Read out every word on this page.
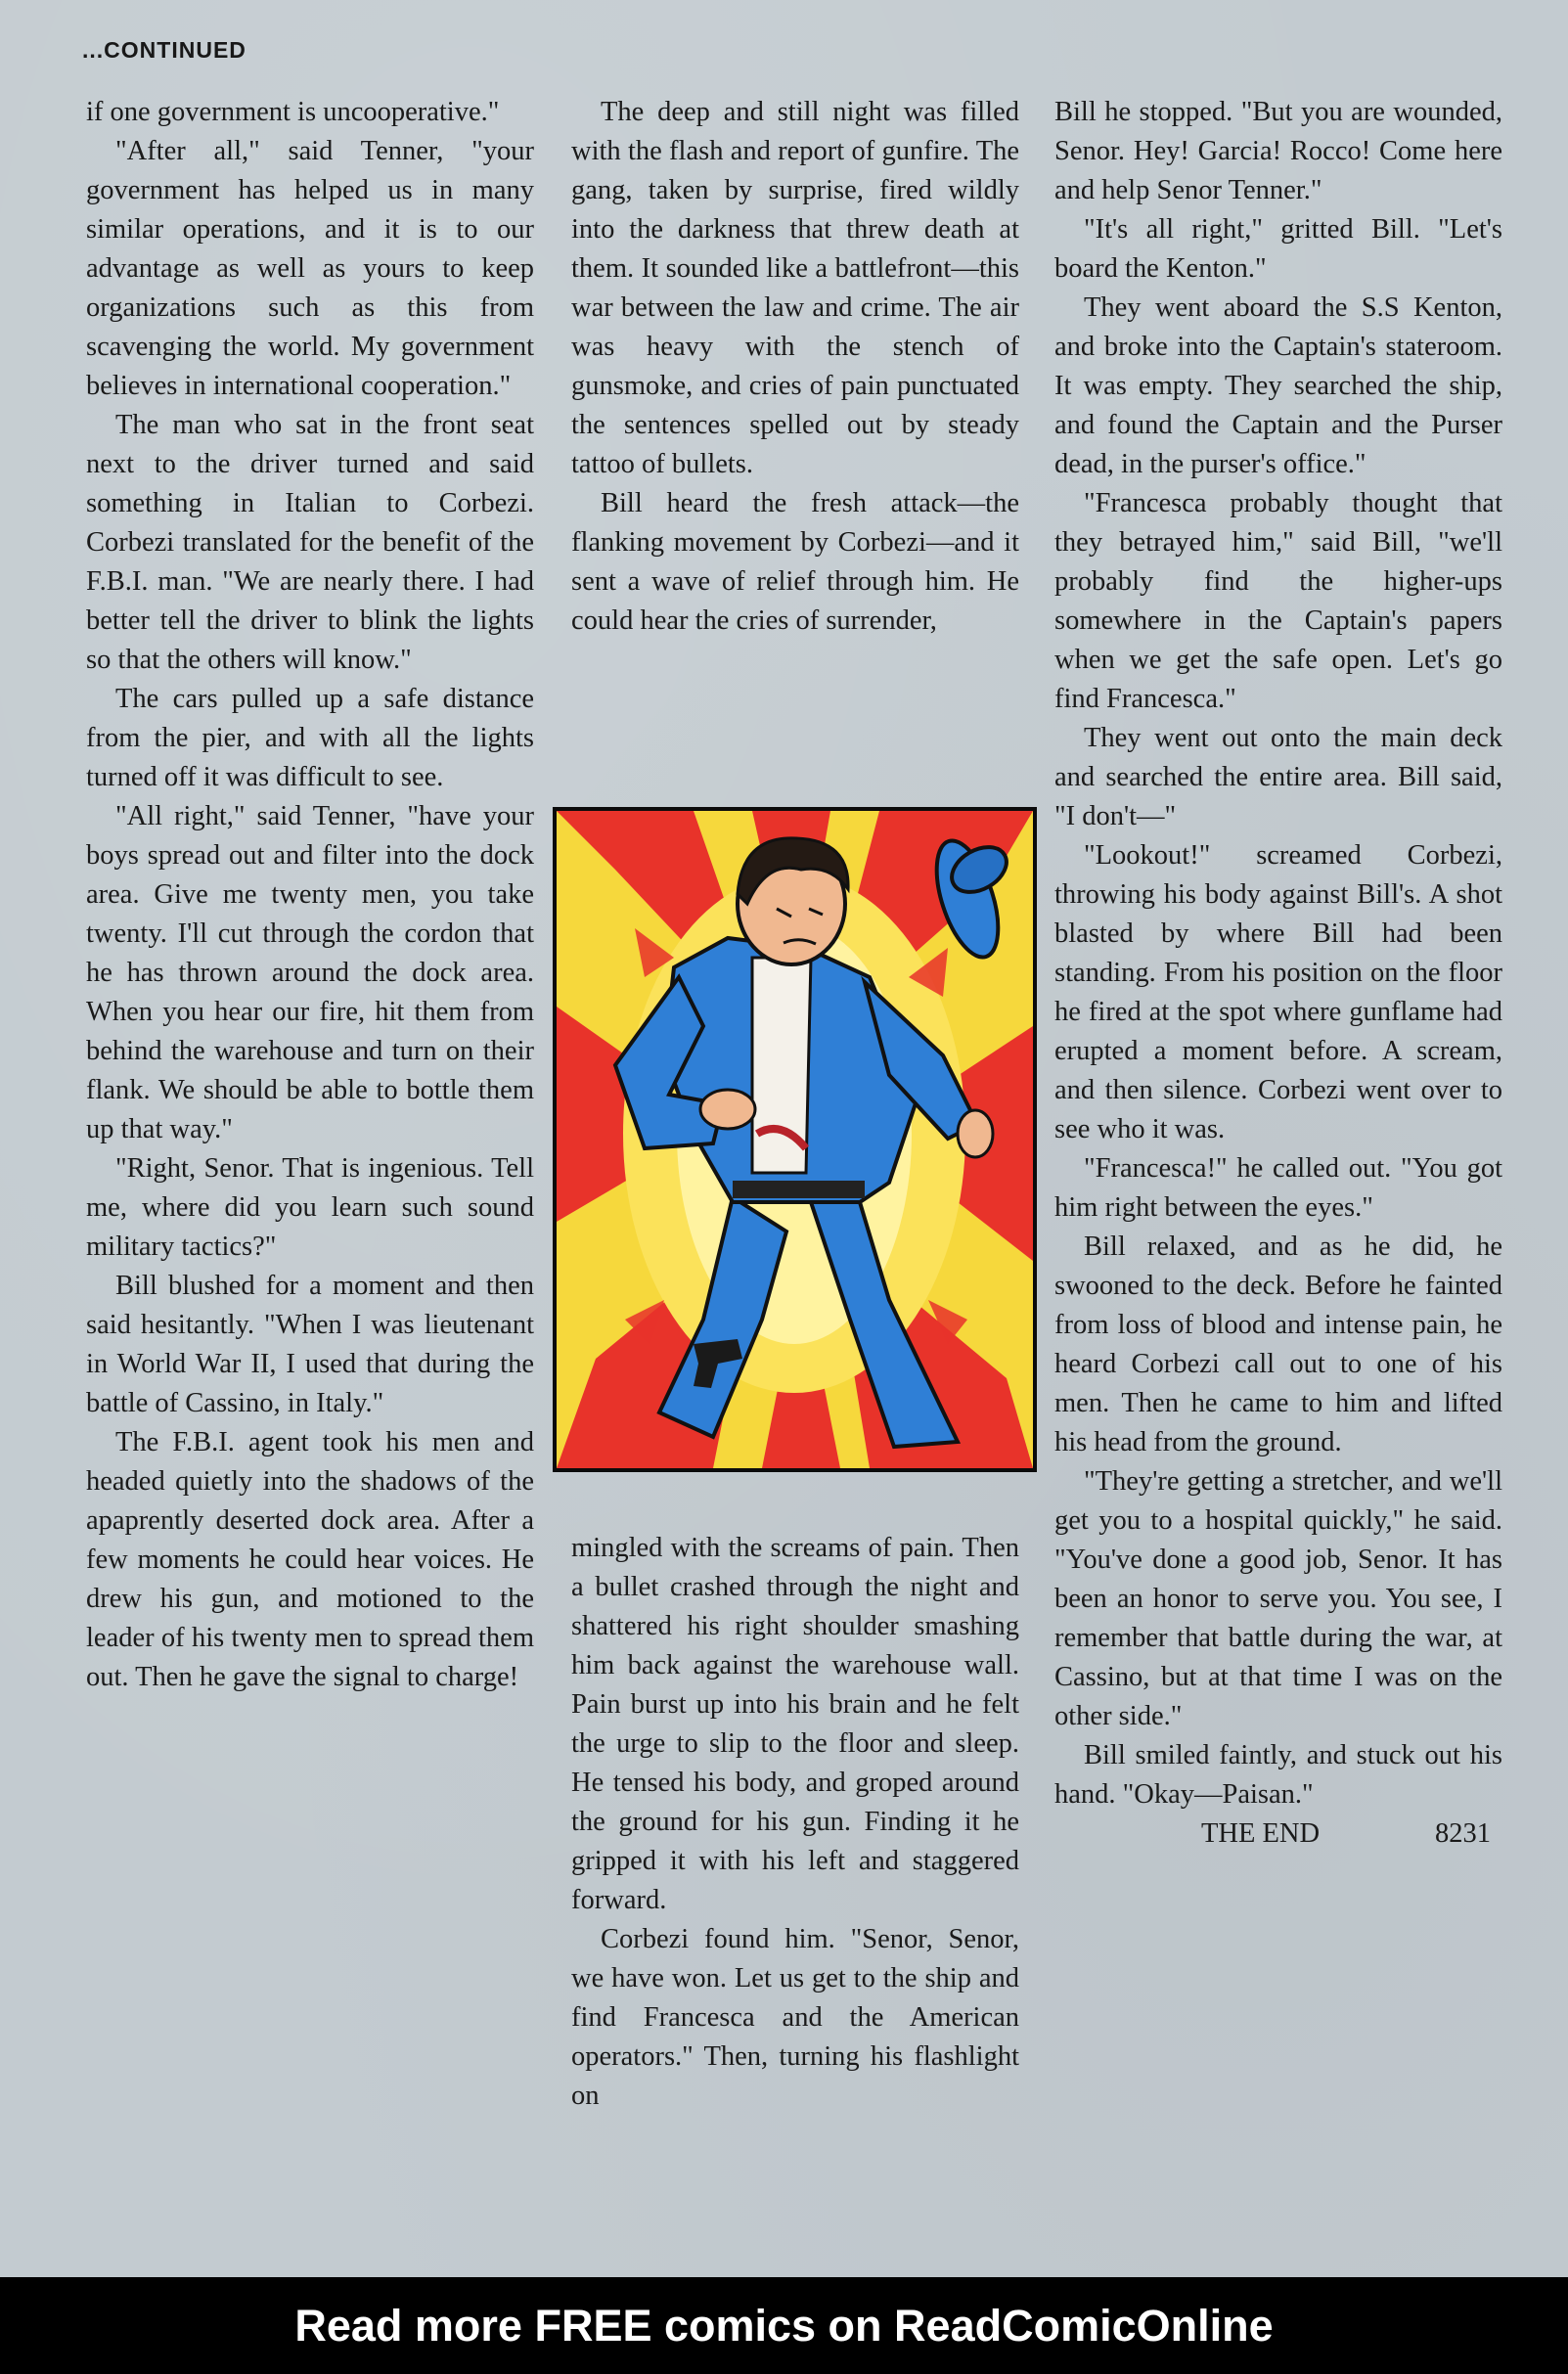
...CONTINUED

if one government is uncooperative."

"After all," said Tenner, "your government has helped us in many similar operations, and it is to our advantage as well as yours to keep organizations such as this from scavenging the world. My government believes in international cooperation."

The man who sat in the front seat next to the driver turned and said something in Italian to Corbezi. Corbezi translated for the benefit of the F.B.I. man. "We are nearly there. I had better tell the driver to blink the lights so that the others will know."

The cars pulled up a safe distance from the pier, and with all the lights turned off it was difficult to see.

"All right," said Tenner, "have your boys spread out and filter into the dock area. Give me twenty men, you take twenty. I'll cut through the cordon that he has thrown around the dock area. When you hear our fire, hit them from behind the warehouse and turn on their flank. We should be able to bottle them up that way."

"Right, Senor. That is ingenious. Tell me, where did you learn such sound military tactics?"

Bill blushed for a moment and then said hesitantly. "When I was lieutenant in World War II, I used that during the battle of Cassino, in Italy."

The F.B.I. agent took his men and headed quietly into the shadows of the apaprently deserted dock area. After a few moments he could hear voices. He drew his gun, and motioned to the leader of his twenty men to spread them out. Then he gave the signal to charge!

The deep and still night was filled with the flash and report of gunfire. The gang, taken by surprise, fired wildly into the darkness that threw death at them. It sounded like a battlefront—this war between the law and crime. The air was heavy with the stench of gunsmoke, and cries of pain punctuated the sentences spelled out by steady tattoo of bullets.

Bill heard the fresh attack—the flanking movement by Corbezi—and it sent a wave of relief through him. He could hear the cries of surrender,

mingled with the screams of pain. Then a bullet crashed through the night and shattered his right shoulder smashing him back against the warehouse wall. Pain burst up into his brain and he felt the urge to slip to the floor and sleep. He tensed his body, and groped around the ground for his gun. Finding it he gripped it with his left and staggered forward.

Corbezi found him. "Senor, Senor, we have won. Let us get to the ship and find Francesca and the American operators." Then, turning his flashlight on

Bill he stopped. "But you are wounded, Senor. Hey! Garcia! Rocco! Come here and help Senor Tenner."

"It's all right," gritted Bill. "Let's board the Kenton."

They went aboard the S.S Kenton, and broke into the Captain's stateroom. It was empty. They searched the ship, and found the Captain and the Purser dead, in the purser's office."

"Francesca probably thought that they betrayed him," said Bill, "we'll probably find the higher-ups somewhere in the Captain's papers when we get the safe open. Let's go find Francesca."

They went out onto the main deck and searched the entire area. Bill said, "I don't—"

"Lookout!" screamed Corbezi, throwing his body against Bill's. A shot blasted by where Bill had been standing. From his position on the floor he fired at the spot where gunflame had erupted a moment before. A scream, and then silence. Corbezi went over to see who it was.

"Francesca!" he called out. "You got him right between the eyes."

Bill relaxed, and as he did, he swooned to the deck. Before he fainted from loss of blood and intense pain, he heard Corbezi call out to one of his men. Then he came to him and lifted his head from the ground.

"They're getting a stretcher, and we'll get you to a hospital quickly," he said. "You've done a good job, Senor. It has been an honor to serve you. You see, I remember that battle during the war, at Cassino, but at that time I was on the other side."

Bill smiled faintly, and stuck out his hand. "Okay—Paisan."

THE END	8231

Read more FREE comics on ReadComicOnline
